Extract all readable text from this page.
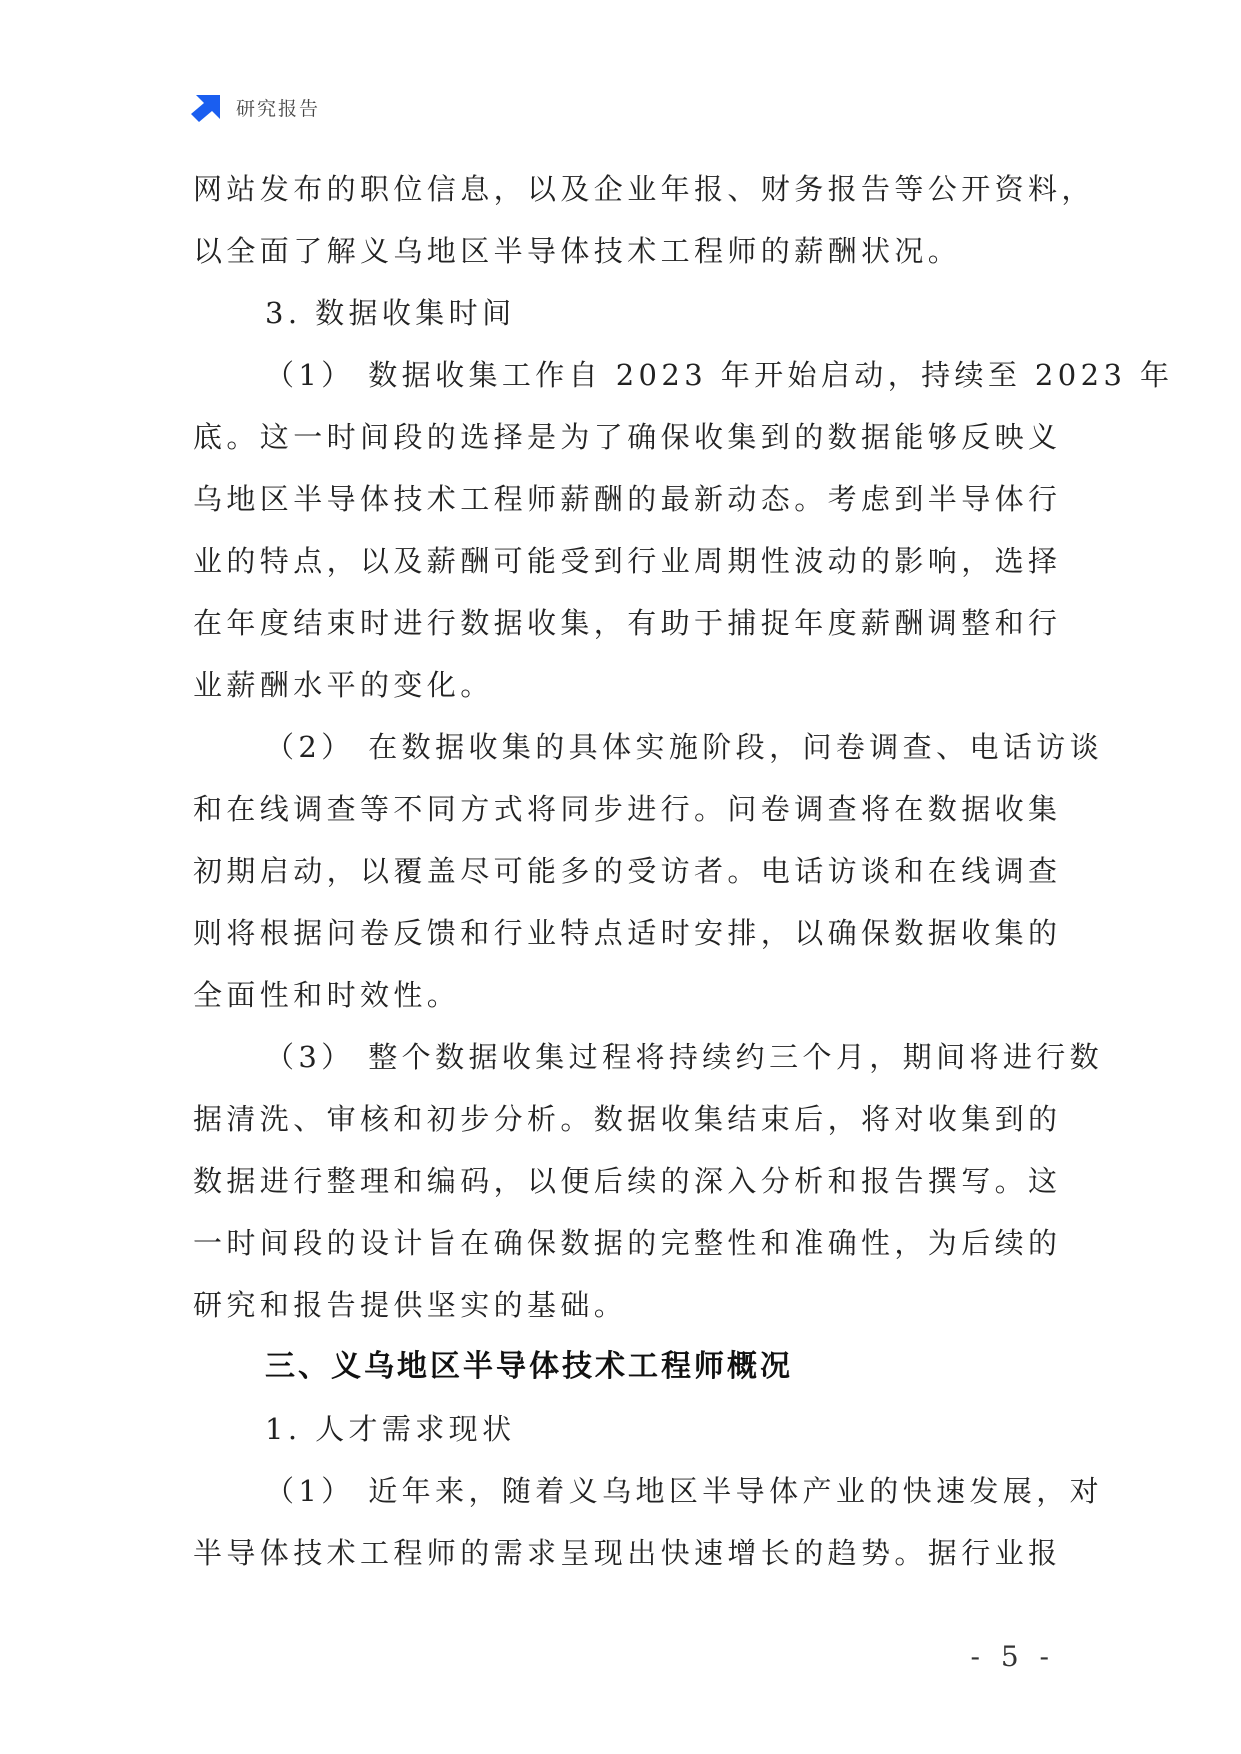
研究报告
网站发布的职位信息，以及企业年报、财务报告等公开资料，
以全面了解义乌地区半导体技术工程师的薪酬状况。
3. 数据收集时间
（1） 数据收集工作自 2023 年开始启动，持续至 2023 年
底。这一时间段的选择是为了确保收集到的数据能够反映义
乌地区半导体技术工程师薪酬的最新动态。考虑到半导体行
业的特点，以及薪酬可能受到行业周期性波动的影响，选择
在年度结束时进行数据收集，有助于捕捉年度薪酬调整和行
业薪酬水平的变化。
（2） 在数据收集的具体实施阶段，问卷调查、电话访谈
和在线调查等不同方式将同步进行。问卷调查将在数据收集
初期启动，以覆盖尽可能多的受访者。电话访谈和在线调查
则将根据问卷反馈和行业特点适时安排，以确保数据收集的
全面性和时效性。
（3） 整个数据收集过程将持续约三个月，期间将进行数
据清洗、审核和初步分析。数据收集结束后，将对收集到的
数据进行整理和编码，以便后续的深入分析和报告撰写。这
一时间段的设计旨在确保数据的完整性和准确性，为后续的
研究和报告提供坚实的基础。
三、义乌地区半导体技术工程师概况
1. 人才需求现状
（1） 近年来，随着义乌地区半导体产业的快速发展，对
半导体技术工程师的需求呈现出快速增长的趋势。据行业报
- 5 -
